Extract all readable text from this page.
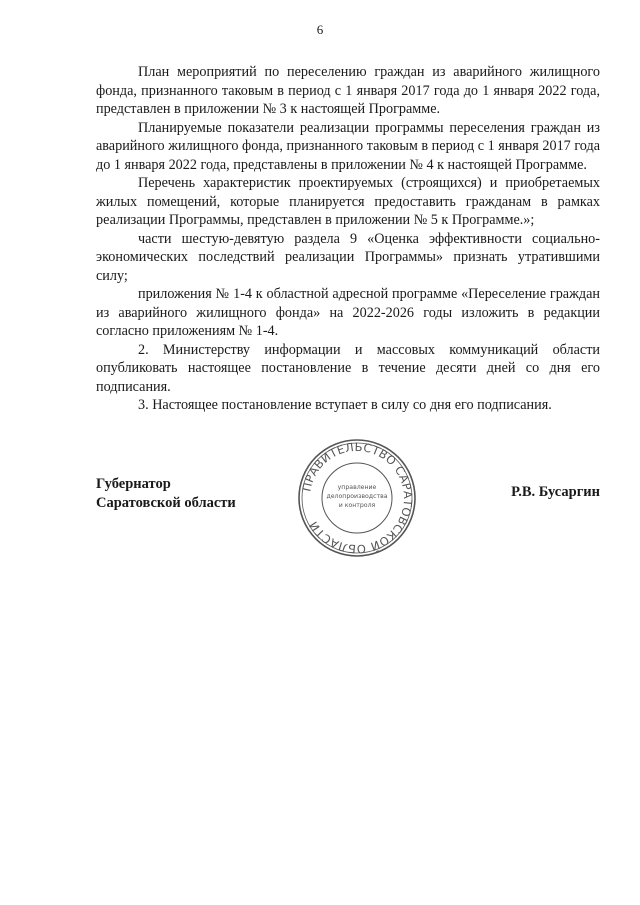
6

План мероприятий по переселению граждан из аварийного жилищного фонда, признанного таковым в период с 1 января 2017 года до 1 января 2022 года, представлен в приложении № 3 к настоящей Программе.

Планируемые показатели реализации программы переселения граждан из аварийного жилищного фонда, признанного таковым в период с 1 января 2017 года до 1 января 2022 года, представлены в приложении № 4 к настоящей Программе.

Перечень характеристик проектируемых (строящихся) и приобретаемых жилых помещений, которые планируется предоставить гражданам в рамках реализации Программы, представлен в приложении № 5 к Программе.»;

части шестую-девятую раздела 9 «Оценка эффективности социально-экономических последствий реализации Программы» признать утратившими силу;

приложения № 1-4 к областной адресной программе «Переселение граждан из аварийного жилищного фонда» на 2022-2026 годы изложить в редакции согласно приложениям № 1-4.

2. Министерству информации и массовых коммуникаций области опубликовать настоящее постановление в течение десяти дней со дня его подписания.

3. Настоящее постановление вступает в силу со дня его подписания.

Губернатор
Саратовской области
ПРАВИТЕЛЬСТВО САРАТОВСКОЙ ОБЛАСТИ
управление
делопроизводства
и контроля
Р.В. Бусаргин
